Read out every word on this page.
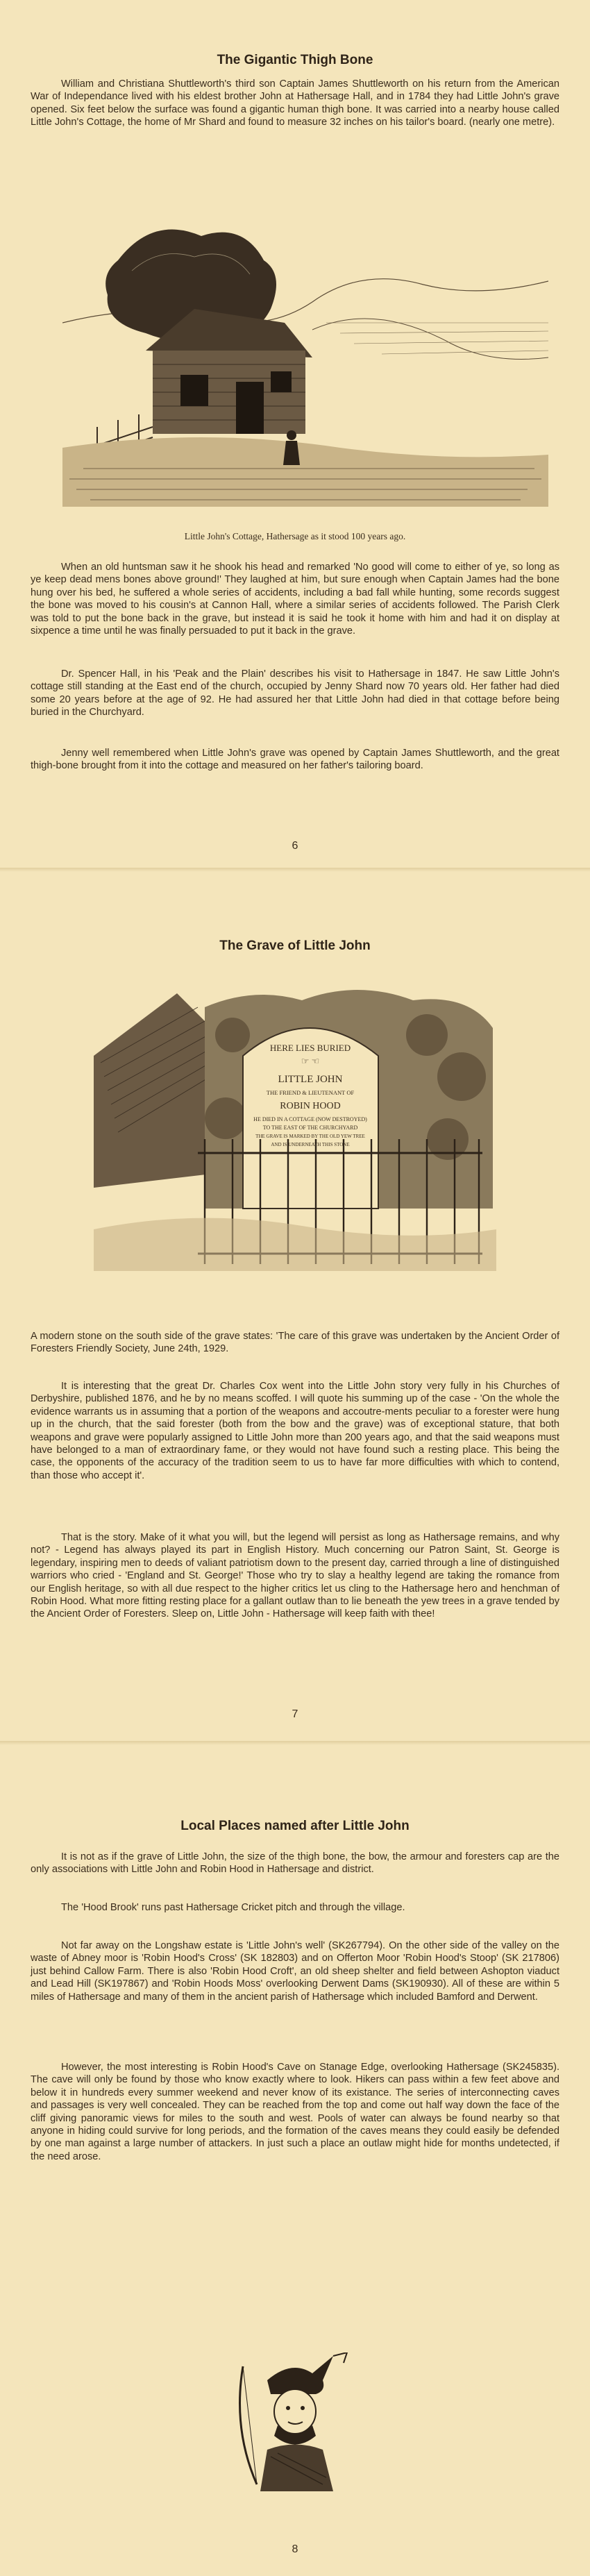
The Gigantic Thigh Bone

William and Christiana Shuttleworth's third son Captain James Shuttleworth on his return from the American War of Independance lived with his eldest brother John at Hathersage Hall, and in 1784 they had Little John's grave opened. Six feet below the surface was found a gigantic human thigh bone. It was carried into a nearby house called Little John's Cottage, the home of Mr Shard and found to measure 32 inches on his tailor's board. (nearly one metre).

Little John's Cottage, Hathersage as it stood 100 years ago.

When an old huntsman saw it he shook his head and remarked 'No good will come to either of ye, so long as ye keep dead mens bones above ground!' They laughed at him, but sure enough when Captain James had the bone hung over his bed, he suffered a whole series of accidents, including a bad fall while hunting, some records suggest the bone was moved to his cousin's at Cannon Hall, where a similar series of accidents followed. The Parish Clerk was told to put the bone back in the grave, but instead it is said he took it home with him and had it on display at sixpence a time until he was finally persuaded to put it back in the grave.

Dr. Spencer Hall, in his 'Peak and the Plain' describes his visit to Hathersage in 1847. He saw Little John's cottage still standing at the East end of the church, occupied by Jenny Shard now 70 years old. Her father had died some 20 years before at the age of 92. He had assured her that Little John had died in that cottage before being buried in the Churchyard.

Jenny well remembered when Little John's grave was opened by Captain James Shuttleworth, and the great thigh-bone brought from it into the cottage and measured on her father's tailoring board.

6

The Grave of Little John
HERE LIES BURIED
☞ ☜
LITTLE JOHN
THE FRIEND & LIEUTENANT OF
ROBIN HOOD
HE DIED IN A COTTAGE (NOW DESTROYED)
TO THE EAST OF THE CHURCHYARD
THE GRAVE IS MARKED BY THE OLD YEW TREE
AND IS UNDERNEATH THIS STONE

A modern stone on the south side of the grave states: 'The care of this grave was undertaken by the Ancient Order of Foresters Friendly Society, June 24th, 1929.

It is interesting that the great Dr. Charles Cox went into the Little John story very fully in his Churches of Derbyshire, published 1876, and he by no means scoffed. I will quote his summing up of the case - 'On the whole the evidence warrants us in assuming that a portion of the weapons and accoutre-ments peculiar to a forester were hung up in the church, that the said forester (both from the bow and the grave) was of exceptional stature, that both weapons and grave were popularly assigned to Little John more than 200 years ago, and that the said weapons must have belonged to a man of extraordinary fame, or they would not have found such a resting place. This being the case, the opponents of the accuracy of the tradition seem to us to have far more difficulties with which to contend, than those who accept it'.

That is the story. Make of it what you will, but the legend will persist as long as Hathersage remains, and why not? - Legend has always played its part in English History. Much concerning our Patron Saint, St. George is legendary, inspiring men to deeds of valiant patriotism down to the present day, carried through a line of distinguished warriors who cried - 'England and St. George!' Those who try to slay a healthy legend are taking the romance from our English heritage, so with all due respect to the higher critics let us cling to the Hathersage hero and henchman of Robin Hood. What more fitting resting place for a gallant outlaw than to lie beneath the yew trees in a grave tended by the Ancient Order of Foresters. Sleep on, Little John - Hathersage will keep faith with thee!

7

Local Places named after Little John

It is not as if the grave of Little John, the size of the thigh bone, the bow, the armour and foresters cap are the only associations with Little John and Robin Hood in Hathersage and district.

The 'Hood Brook' runs past Hathersage Cricket pitch and through the village.

Not far away on the Longshaw estate is 'Little John's well' (SK267794). On the other side of the valley on the waste of Abney moor is 'Robin Hood's Cross' (SK 182803) and on Offerton Moor 'Robin Hood's Stoop' (SK 217806) just behind Callow Farm. There is also 'Robin Hood Croft', an old sheep shelter and field between Ashopton viaduct and Lead Hill (SK197867) and 'Robin Hoods Moss' overlooking Derwent Dams (SK190930). All of these are within 5 miles of Hathersage and many of them in the ancient parish of Hathersage which included Bamford and Derwent.

However, the most interesting is Robin Hood's Cave on Stanage Edge, overlooking Hathersage (SK245835). The cave will only be found by those who know exactly where to look. Hikers can pass within a few feet above and below it in hundreds every summer weekend and never know of its existance. The series of interconnecting caves and passages is very well concealed. They can be reached from the top and come out half way down the face of the cliff giving panoramic views for miles to the south and west. Pools of water can always be found nearby so that anyone in hiding could survive for long periods, and the formation of the caves means they could easily be defended by one man against a large number of attackers. In just such a place an outlaw might hide for months undetected, if the need arose.

8
